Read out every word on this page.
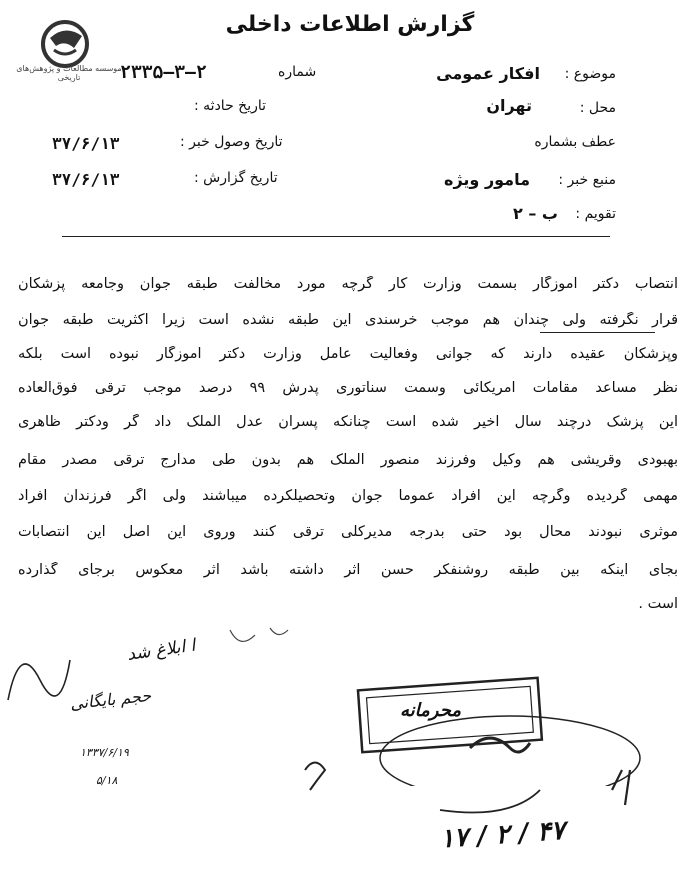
موسسه مطالعات و پژوهش‌های تاریخی
گزارش اطلاعات داخلی
موضوع :
افکار عمومی
محل :
تهران
عطف بشماره
منبع خبر :
مامور ویژه
تقویم :
ب – ۲
شماره
۲۳۳۵–۳–۲
تاریخ حادثه :
تاریخ وصول خبر :
۳۷/۶/۱۳
تاریخ گزارش :
۳۷/۶/۱۳
انتصاب دکتر آموزگار بسمت وزارت کار گرچه مورد مخالفت طبقه جوان وجامعه پزشکان
قرار نگرفته ولی چندان هم موجب خرسندی این طبقه نشده است زیرا اکثریت طبقه جوان
وپزشکان عقیده دارند که جوانی وفعالیت عامل وزارت دکتر آموزگار نبوده است بلکه
نظر مساعد مقامات امریکائی وسمت سناتوری پدرش ۹۹ درصد موجب ترقی فوق‌العاده
این پزشک درچند سال اخیر شده است چنانکه پسران عدل الملک داد گر ودکتر ظاهری
بهبودی وقریشی هم وکیل وفرزند منصور الملک هم بدون طی مدارج ترقی مصدر مقام
مهمی گردیده وگرچه این افراد عموما جوان وتحصیلکرده میباشند ولی اگر فرزندان افراد
موثری نبودند محال بود حتی بدرجه مدیرکلی ترقی کنند وروی این اصل این انتصابات
بجای اینکه بین طبقه روشنفکر حسن اثر داشته باشد اثر معکوس برجای گذارده
است .
ا ابلاغ شد
حجم بایگانی
۱۳۳۷/۶/۱۹
۵/۱۸
محرمانه
۱۷ / ۲ / ۴۷
